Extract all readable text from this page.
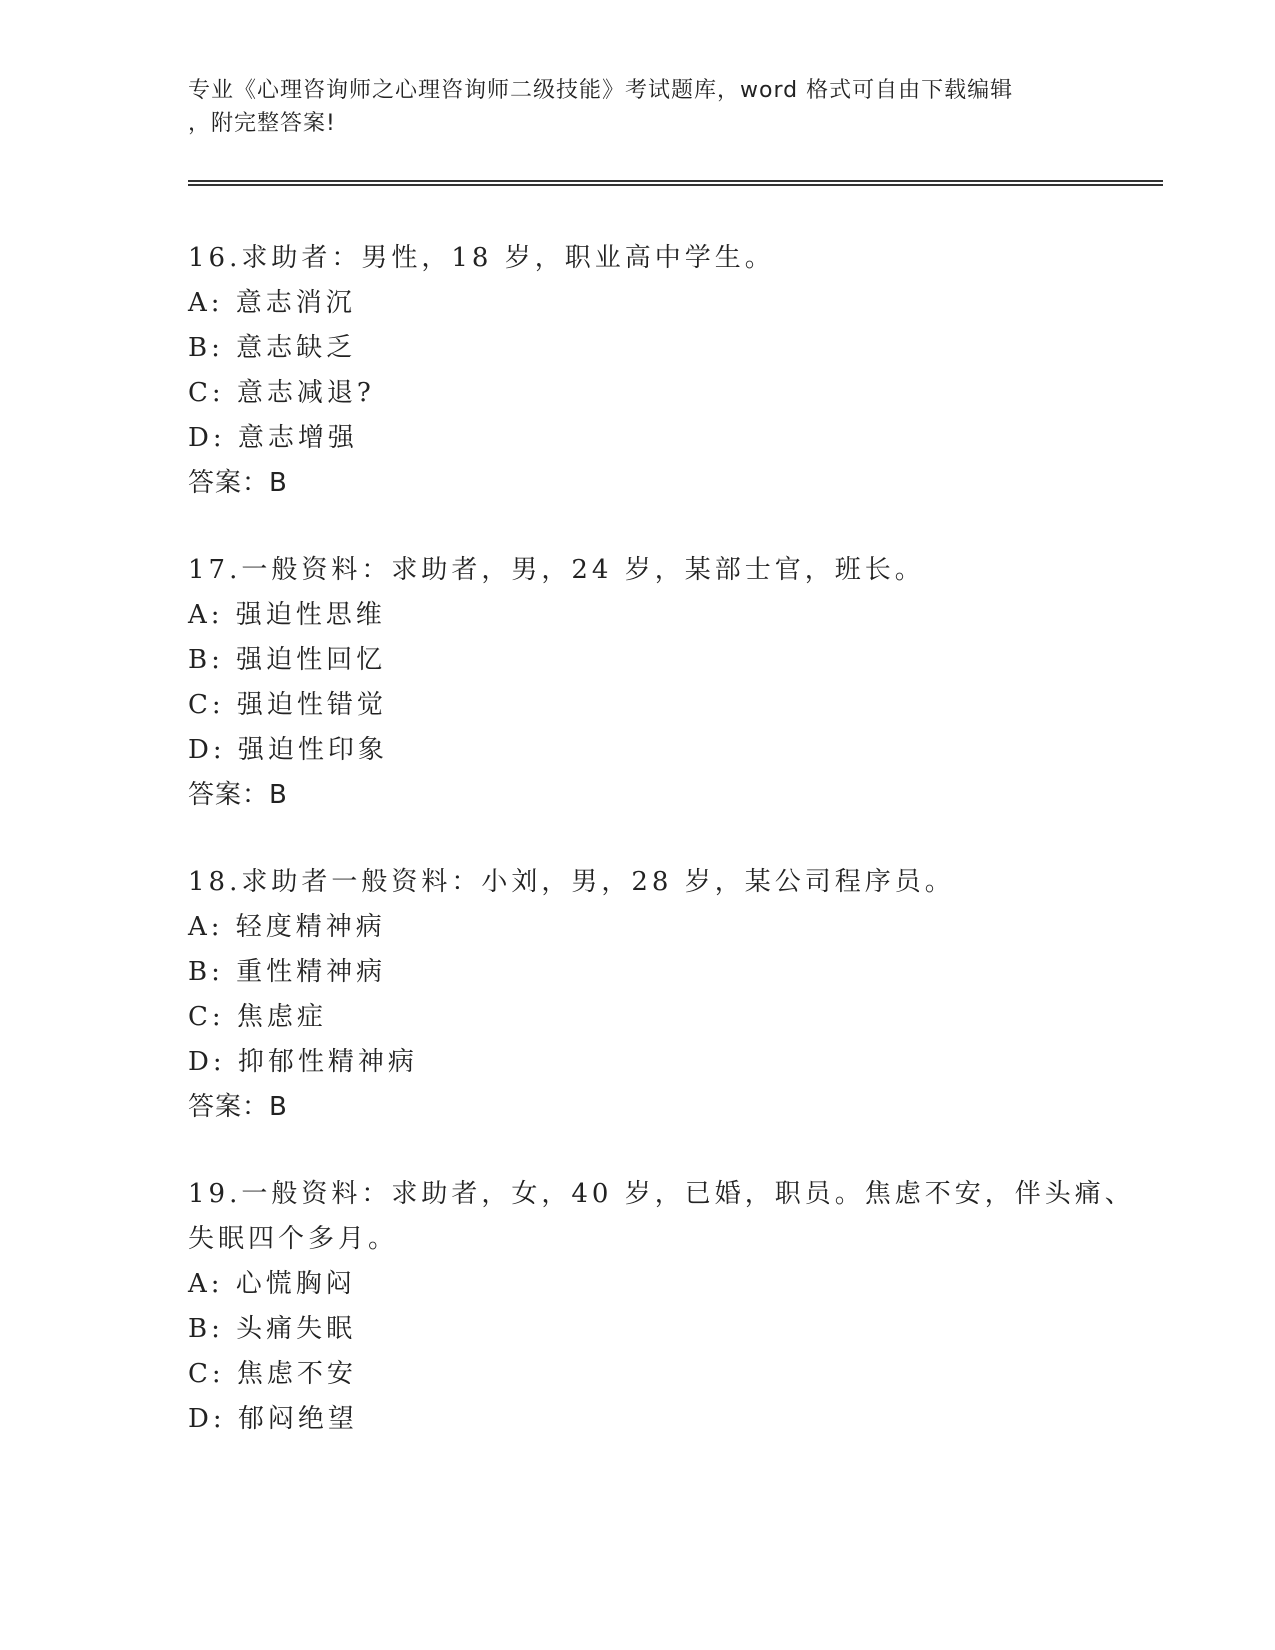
专业《心理咨询师之心理咨询师二级技能》考试题库，word 格式可自由下载编辑
，附完整答案!
16.求助者：男性，18 岁，职业高中学生。
A: 意志消沉
B: 意志缺乏
C: 意志减退?
D: 意志增强
答案：B
17.一般资料：求助者，男，24 岁，某部士官，班长。
A: 强迫性思维
B: 强迫性回忆
C: 强迫性错觉
D: 强迫性印象
答案：B
18.求助者一般资料：小刘，男，28 岁，某公司程序员。
A: 轻度精神病
B: 重性精神病
C: 焦虑症
D: 抑郁性精神病
答案：B
19.一般资料：求助者，女，40 岁，已婚，职员。焦虑不安，伴头痛、失眠四个多月。
A: 心慌胸闷
B: 头痛失眠
C: 焦虑不安
D: 郁闷绝望
